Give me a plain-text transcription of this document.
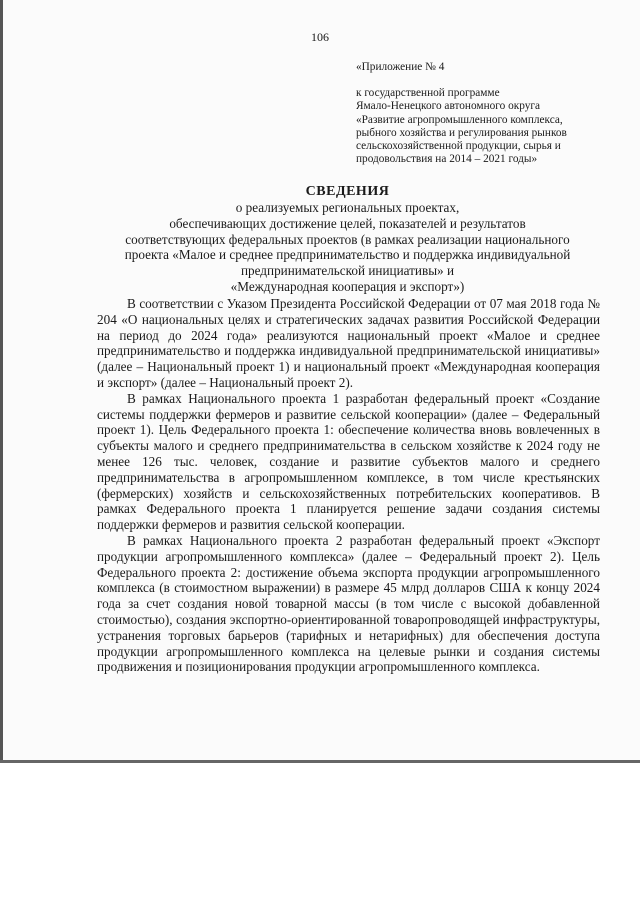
106
«Приложение № 4
к государственной программе
Ямало-Ненецкого автономного округа
«Развитие агропромышленного комплекса,
рыбного хозяйства и регулирования рынков
сельскохозяйственной продукции, сырья и
продовольствия на 2014 – 2021 годы»
СВЕДЕНИЯ
о реализуемых региональных проектах,
обеспечивающих достижение целей, показателей и результатов
соответствующих федеральных проектов (в рамках реализации национального
проекта «Малое и среднее предпринимательство и поддержка индивидуальной
предпринимательской инициативы» и
«Международная кооперация и экспорт»)

В соответствии с Указом Президента Российской Федерации от 07 мая 2018 года № 204 «О национальных целях и стратегических задачах развития Российской Федерации на период до 2024 года» реализуются национальный проект «Малое и среднее предпринимательство и поддержка индивидуальной предпринимательской инициативы» (далее – Национальный проект 1) и национальный проект «Международная кооперация и экспорт» (далее – Национальный проект 2).

В рамках Национального проекта 1 разработан федеральный проект «Создание системы поддержки фермеров и развитие сельской кооперации» (далее – Федеральный проект 1). Цель Федерального проекта 1: обеспечение количества вновь вовлеченных в субъекты малого и среднего предпринимательства в сельском хозяйстве к 2024 году не менее 126 тыс. человек, создание и развитие субъектов малого и среднего предпринимательства в агропромышленном комплексе, в том числе крестьянских (фермерских) хозяйств и сельскохозяйственных потребительских кооперативов. В рамках Федерального проекта 1 планируется решение задачи создания системы поддержки фермеров и развития сельской кооперации.

В рамках Национального проекта 2 разработан федеральный проект «Экспорт продукции агропромышленного комплекса» (далее – Федеральный проект 2). Цель Федерального проекта 2: достижение объема экспорта продукции агропромышленного комплекса (в стоимостном выражении) в размере 45 млрд долларов США к концу 2024 года за счет создания новой товарной массы (в том числе с высокой добавленной стоимостью), создания экспортно-ориентированной товаропроводящей инфраструктуры, устранения торговых барьеров (тарифных и нетарифных) для обеспечения доступа продукции агропромышленного комплекса на целевые рынки и создания системы продвижения и позиционирования продукции агропромышленного комплекса.
